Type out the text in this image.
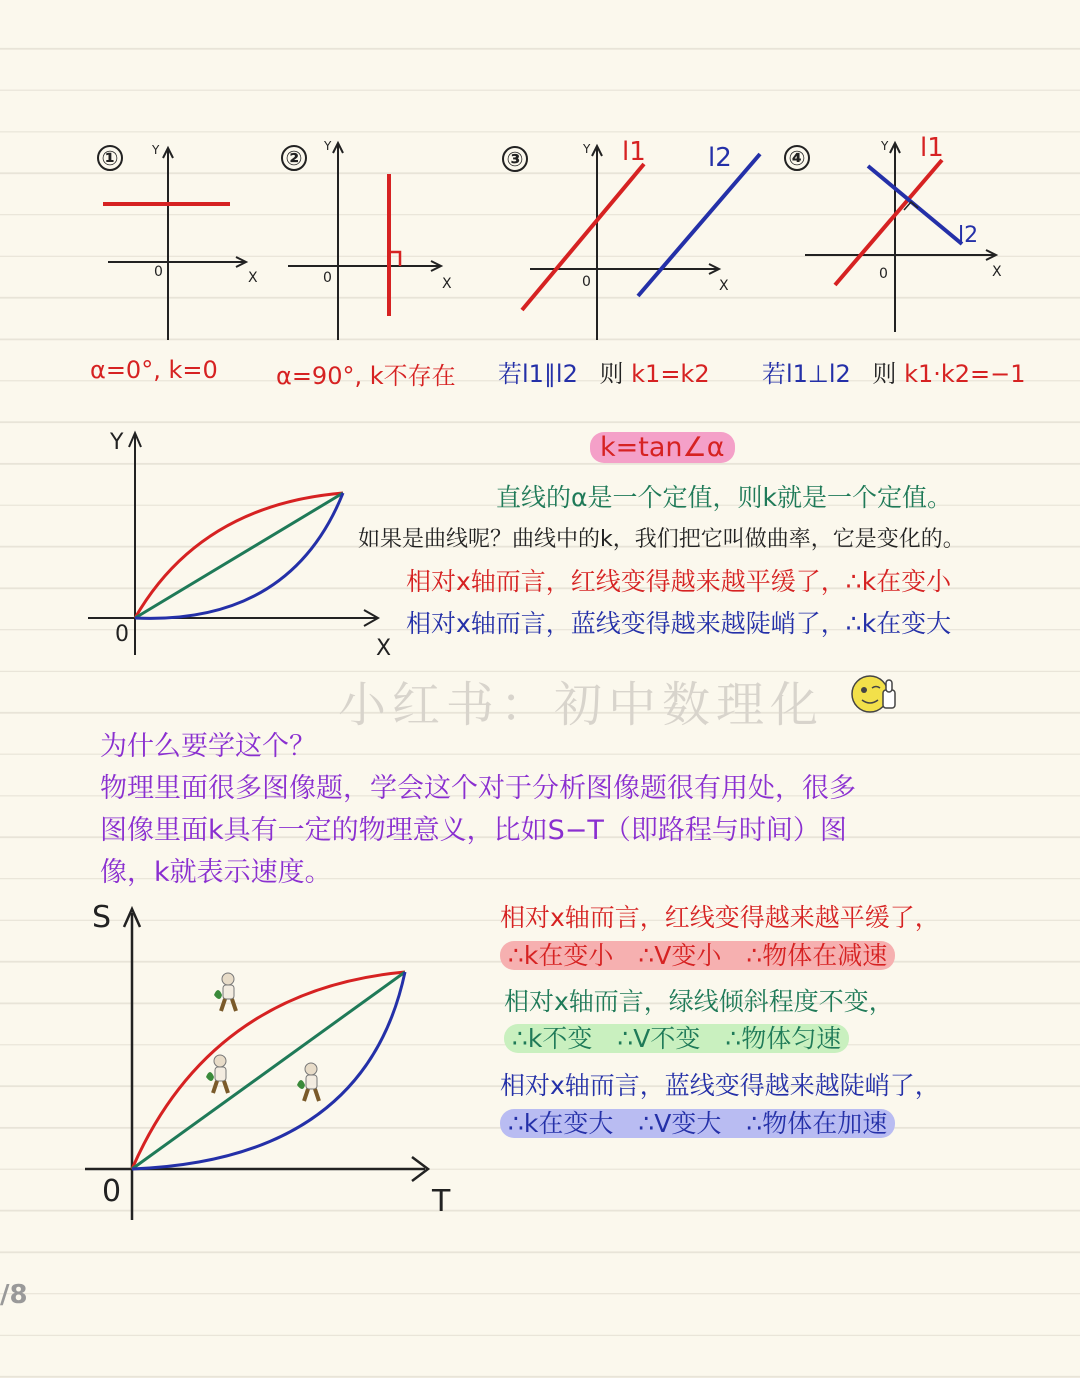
Y
X
0
Y
X
0
Y
X
0
l1 l2	Y
X
0
l1
l2
①	②	③	④
α=0°, k=0 α=90°, k不存在 若l1∥l2 则 k1=k2 若l1⊥l2 则 k1·k2=−1
Y
X
0
k=tan∠α
直线的α是一个定值，则k就是一个定值。
如果是曲线呢？曲线中的k，我们把它叫做曲率，它是变化的。
相对x轴而言，红线变得越来越平缓了，∴k在变小
相对x轴而言，蓝线变得越来越陡峭了，∴k在变大
小红书：初中数理化
为什么要学这个？
物理里面很多图像题，学会这个对于分析图像题很有用处，很多
图像里面k具有一定的物理意义，比如S−T（即路程与时间）图
像，k就表示速度。
S
T
0
相对x轴而言，红线变得越来越平缓了，
∴k在变小　∴V变小　∴物体在减速
相对x轴而言，绿线倾斜程度不变，
∴k不变　∴V不变　∴物体匀速
相对x轴而言，蓝线变得越来越陡峭了，
∴k在变大　∴V变大　∴物体在加速
/8
